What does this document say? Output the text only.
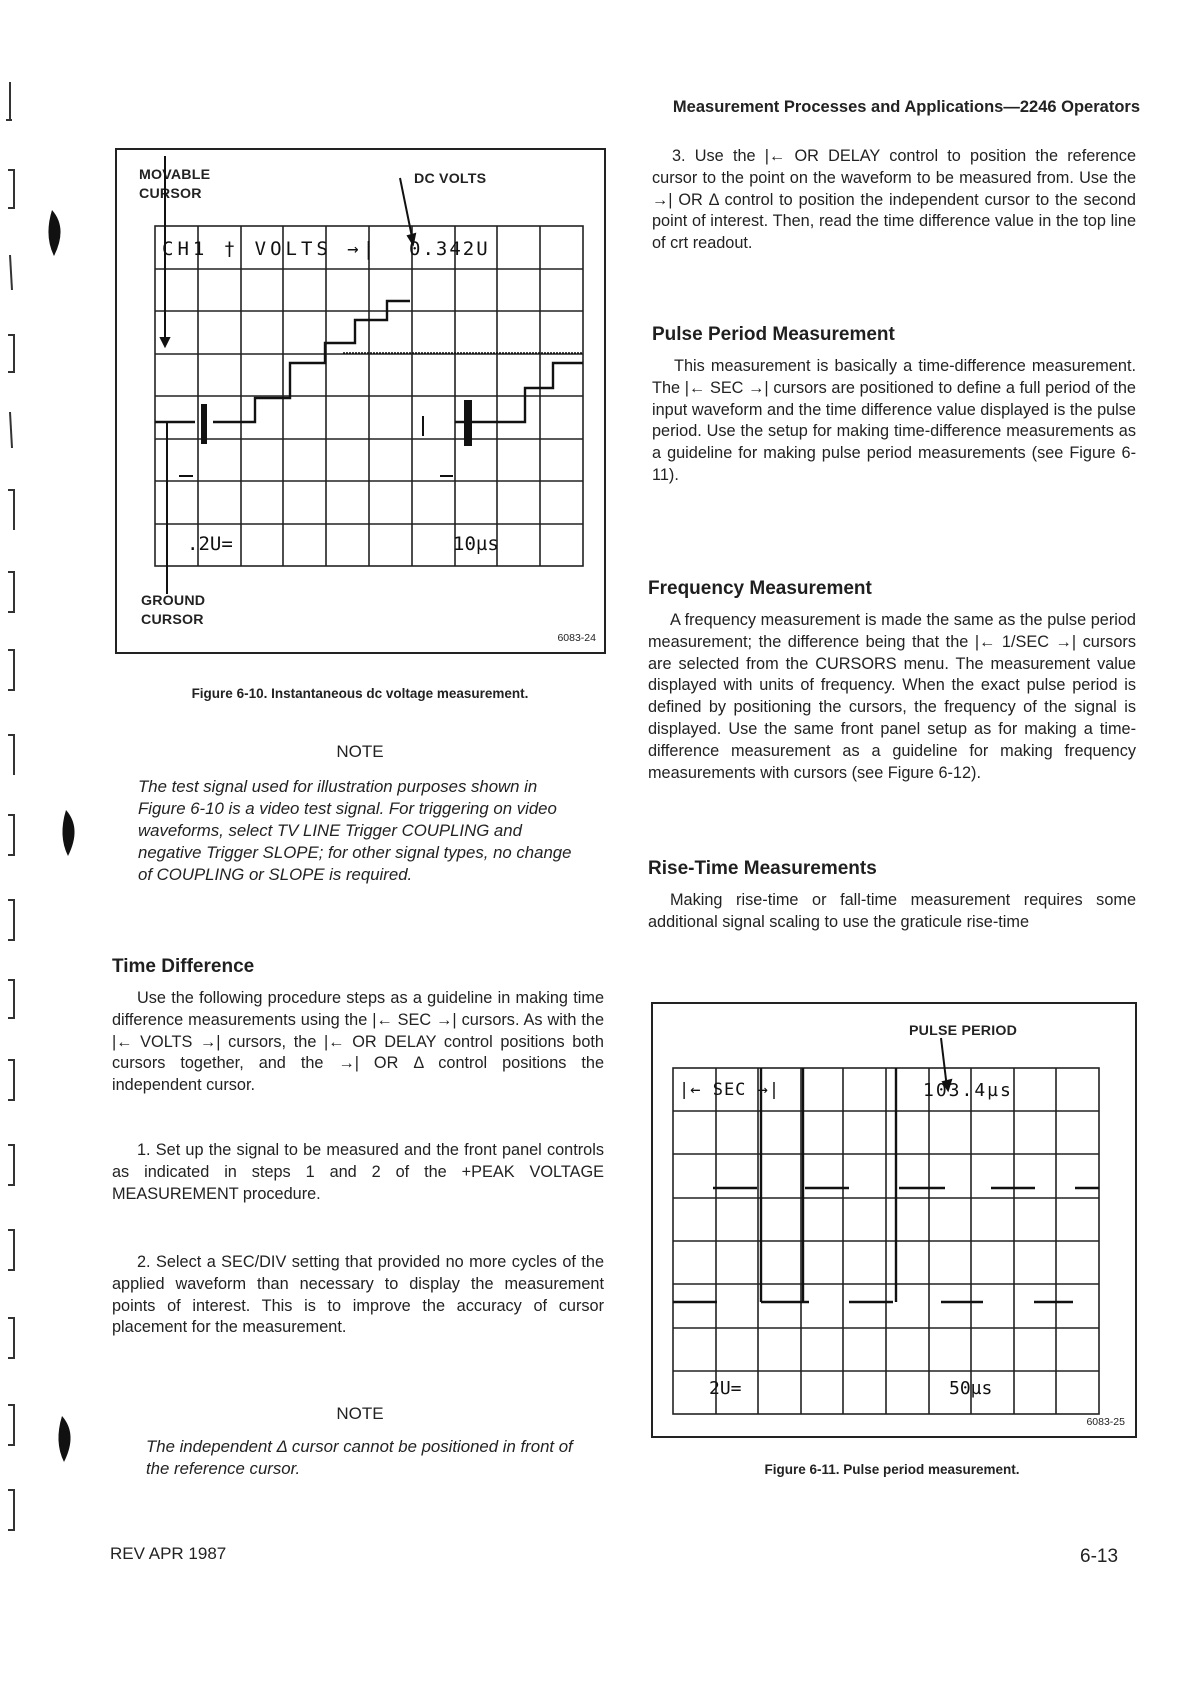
Measurement Processes and Applications—2246 Operators
MOVABLE
CURSOR
DC VOLTS
GROUND
CURSOR
CH1 † VOLTS →| 0.342U
.2U=	10µs
6083-24
Figure 6-10. Instantaneous dc voltage measurement.
NOTE
The test signal used for illustration purposes shown in Figure 6-10 is a video test signal. For triggering on video waveforms, select TV LINE Trigger COUPLING and negative Trigger SLOPE; for other signal types, no change of COUPLING or SLOPE is required.
Time Difference

Use the following procedure steps as a guideline in making time difference measurements using the |← SEC →| cursors. As with the |← VOLTS →| cursors, the |← OR DELAY control positions both cursors together, and the →| OR Δ control positions the independent cursor.

1. Set up the signal to be measured and the front panel controls as indicated in steps 1 and 2 of the +PEAK VOLTAGE MEASUREMENT procedure.

2. Select a SEC/DIV setting that provided no more cycles of the applied waveform than necessary to display the measurement points of interest. This is to improve the accuracy of cursor placement for the measurement.

NOTE
The independent Δ cursor cannot be positioned in front of the reference cursor.
REV APR 1987

3. Use the |← OR DELAY control to position the reference cursor to the point on the waveform to be measured from. Use the →| OR Δ control to position the independent cursor to the second point of interest. Then, read the time difference value in the top line of crt readout.

Pulse Period Measurement

This measurement is basically a time-difference measurement. The |← SEC →| cursors are positioned to define a full period of the input waveform and the time difference value displayed is the pulse period. Use the setup for making time-difference measurements as a guideline for making pulse period measurements (see Figure 6-11).

Frequency Measurement

A frequency measurement is made the same as the pulse period measurement; the difference being that the |← 1/SEC →| cursors are selected from the CURSORS menu. The measurement value displayed with units of frequency. When the exact pulse period is defined by positioning the cursors, the frequency of the signal is displayed. Use the same front panel setup as for making a time-difference measurement as a guideline for making frequency measurements with cursors (see Figure 6-12).

Rise-Time Measurements

Making rise-time or fall-time measurement requires some additional signal scaling to use the graticule rise-time

PULSE PERIOD
|← SEC →|	103.4µs
2U=	50µs
6083-25
Figure 6-11. Pulse period measurement.
6-13
